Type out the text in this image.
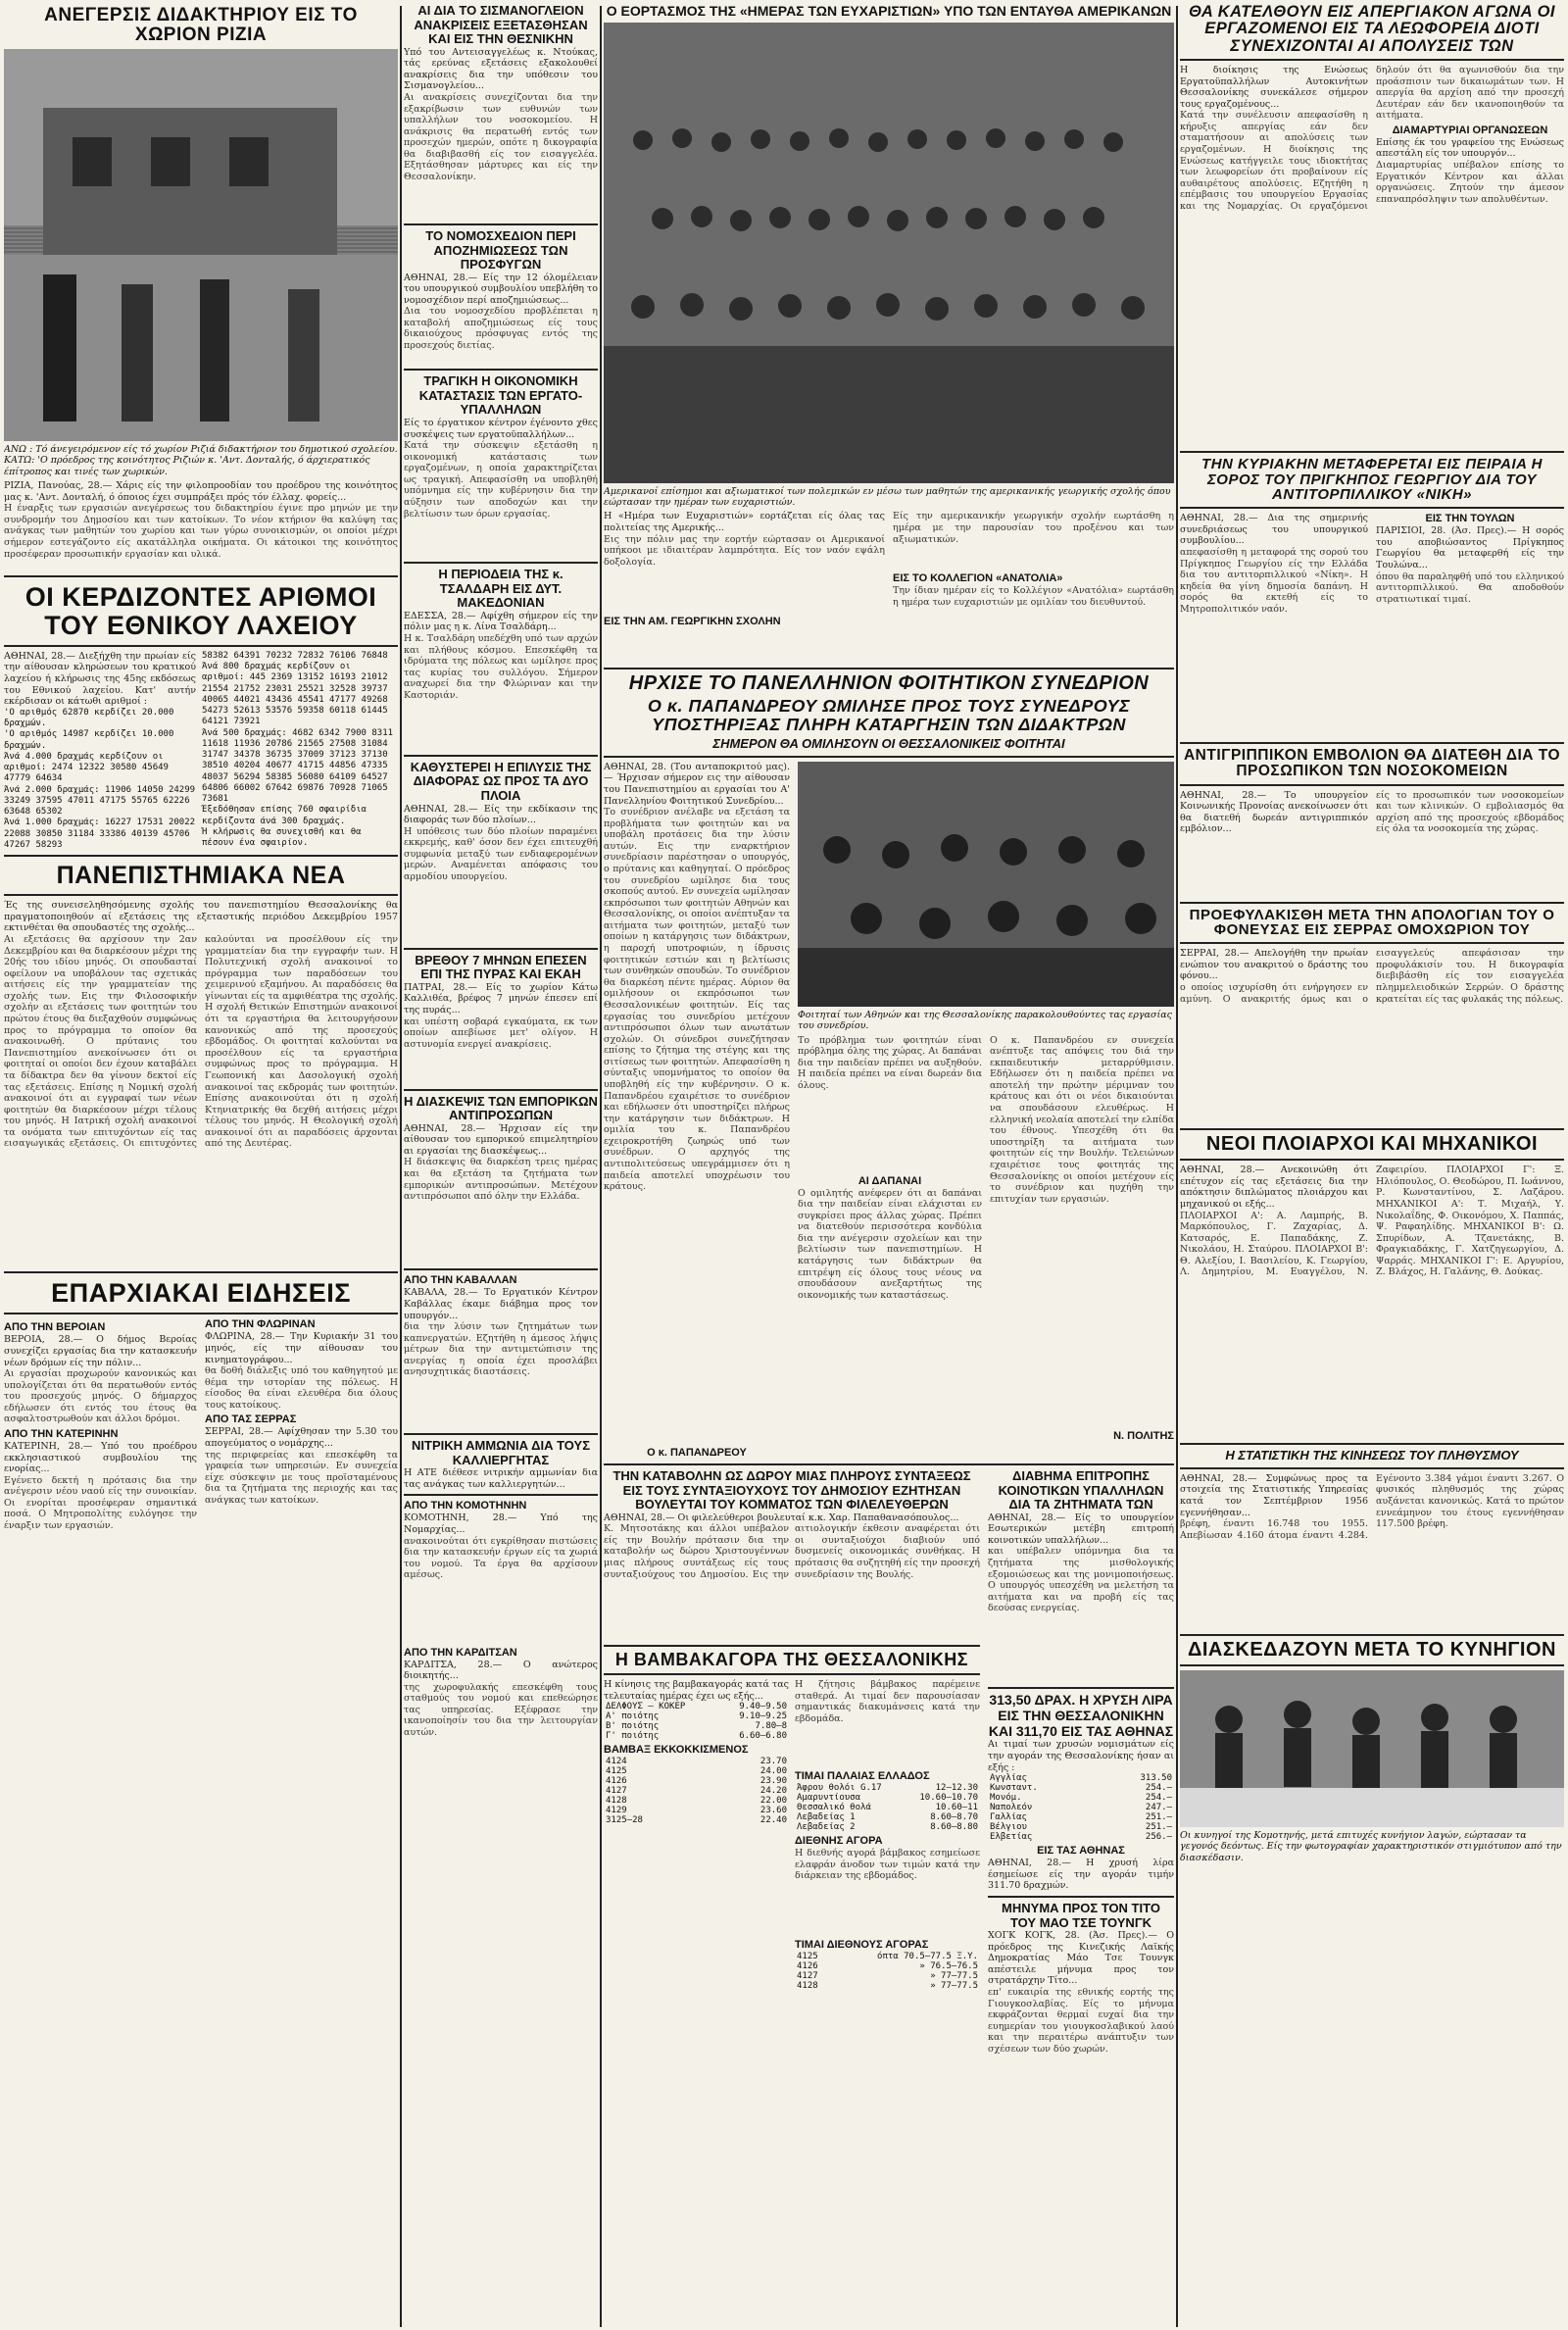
ΑΝΕΓΕΡΣΙΣ ΔΙΔΑΚΤΗΡΙΟΥ ΕΙΣ ΤΟ ΧΩΡΙΟΝ ΡΙΖΙΑ
ΑΝΩ : Τό άνεγειρόμενον είς τό χωρίον Ριζιά διδακτήριον του δημοτικού σχολείου. ΚΑΤΩ: 'Ο πρόεδρος της κοινότητος Ριζιών κ. 'Αντ. Δονταλής, ό άρχιερατικός έπίτροπος και τινές των χωρικών.
ΡΙΖΙΑ, Πανούας, 28.— Χάρις είς την φιλοπροοδίαν του προέδρου της κοινότητος μας κ. 'Αντ. Δονταλή, ό όποιος έχει συμπράξει πρός τόν έλλαχ. φορείς...
Η έναρξις των εργασιών ανεγέρσεως του διδακτηρίου έγινε προ μηνών με την συνδρομήν του Δημοσίου και των κατοίκων. Το νέον κτήριον θα καλύψη τας ανάγκας των μαθητών του χωρίου και των γύρω συνοικισμών, οι οποίοι μέχρι σήμερον εστεγάζοντο είς ακατάλληλα οικήματα. Οι κάτοικοι της κοινότητος προσέφεραν προσωπικήν εργασίαν και υλικά.
ΟΙ ΚΕΡΔΙΖΟΝΤΕΣ ΑΡΙΘΜΟΙ ΤΟΥ ΕΘΝΙΚΟΥ ΛΑΧΕΙΟΥ
ΑΘΗΝΑΙ, 28.— Διεξήχθη την πρωίαν είς την αίθουσαν κληρώσεων του κρατικού λαχείου ή κλήρωσις της 45ης εκδόσεως του Εθνικού λαχείου. Κατ' αυτήν εκέρδισαν οι κάτωθι αριθμοί :
'Ο αριθμός 62870 κερδίζει 20.000 δραχμών.
'Ο αριθμός 14987 κερδίζει 10.000 δραχμών.
Άνά 4.000 δραχμάς κερδίζουν οι αριθμοί: 2474 12322 30580 45649 47779 64634
Άνά 2.000 δραχμάς: 11906 14050 24299 33249 37595 47011 47175 55765 62226 63648 65302
Άνά 1.000 δραχμάς: 16227 17531 20022 22088 30850 31184 33386 40139 45706 47267 58293
58382 64391 70232 72832 76106 76848
Άνά 800 δραχμάς κερδίζουν οι αριθμοί: 445 2369 13152 16193 21012 21554 21752 23031 25521 32528 39737 40065 44021 43436 45541 47177 49268 54273 52613 53576 59358 60118 61445 64121 73921
Άνά 500 δραχμάς: 4682 6342 7900 8311 11618 11936 20786 21565 27508 31084 31747 34378 36735 37009 37123 37130 38510 40204 40677 41715 44856 47335 48037 56294 58385 56080 64109 64527 64806 66002 67642 69876 70928 71065 73681
Έξεδόθησαν επίσης 760 σφαιρίδια κερδίζοντα άνά 300 δραχμάς.
Ή κλήρωσις θα συνεχισθή και θα πέσουν ένα σφαιρίον.
ΠΑΝΕΠΙΣΤΗΜΙΑΚΑ ΝΕΑ
Ές της συνεισεληθησόμενης σχολής του πανεπιστημίου Θεσσαλονίκης θα πραγματοποιηθούν αί εξετάσεις της εξεταστικής περιόδου Δεκεμβρίου 1957 εκτινθέται θα σπουδαστές της σχολής...
Αι εξετάσεις θα αρχίσουν την 2αν Δεκεμβρίου και θα διαρκέσουν μέχρι της 20ής του ιδίου μηνός. Οι σπουδασταί οφείλουν να υποβάλουν τας σχετικάς αιτήσεις είς την γραμματείαν της σχολής των. Εις την Φιλοσοφικήν σχολήν αι εξετάσεις των φοιτητών του πρώτου έτους θα διεξαχθούν συμφώνως προς το πρόγραμμα το οποίον θα ανακοινωθή. Ο πρύτανις του Πανεπιστημίου ανεκοίνωσεν ότι οι φοιτηταί οι οποίοι δεν έχουν καταβάλει τα δίδακτρα δεν θα γίνουν δεκτοί είς τας εξετάσεις. Επίσης η Νομική σχολή ανακοινοί ότι αι εγγραφαί των νέων φοιτητών θα διαρκέσουν μέχρι τέλους του μηνός. Η Ιατρική σχολή ανακοινοί τα ονόματα των επιτυχόντων είς τας εισαγωγικάς εξετάσεις. Οι επιτυχόντες καλούνται να προσέλθουν είς την γραμματείαν δια την εγγραφήν των. Η Πολυτεχνική σχολή ανακοινοί το πρόγραμμα των παραδόσεων του χειμερινού εξαμήνου. Αι παραδόσεις θα γίνωνται είς τα αμφιθέατρα της σχολής. Η σχολή Θετικών Επιστημών ανακοινοί ότι τα εργαστήρια θα λειτουργήσουν κανονικώς από της προσεχούς εβδομάδος. Οι φοιτηταί καλούνται να προσέλθουν είς τα εργαστήρια συμφώνως προς το πρόγραμμα. Η Γεωπονική και Δασολογική σχολή ανακοινοί τας εκδρομάς των φοιτητών. Επίσης ανακοινούται ότι η σχολή Κτηνιατρικής θα δεχθή αιτήσεις μέχρι τέλους του μηνός. Η Θεολογική σχολή ανακοινοί ότι αι παραδόσεις άρχονται από της Δευτέρας.
ΕΠΑΡΧΙΑΚΑΙ ΕΙΔΗΣΕΙΣ
ΑΠΟ ΤΗΝ ΒΕΡΟΙΑΝ
ΒΕΡΟΙΑ, 28.— Ο δήμος Βεροίας συνεχίζει εργασίας δια την κατασκευήν νέων δρόμων είς την πόλιν...
Αι εργασίαι προχωρούν κανονικώς και υπολογίζεται ότι θα περατωθούν εντός του προσεχούς μηνός. Ο δήμαρχος εδήλωσεν ότι εντός του έτους θα ασφαλτοστρωθούν και άλλοι δρόμοι.
ΑΠΟ ΤΗΝ ΚΑΤΕΡΙΝΗΝ
ΚΑΤΕΡΙΝΗ, 28.— Υπό του προέδρου εκκλησιαστικού συμβουλίου της ενορίας...
Εγένετο δεκτή η πρότασις δια την ανέγερσιν νέου ναού είς την συνοικίαν. Οι ενορίται προσέφεραν σημαντικά ποσά. Ο Μητροπολίτης ευλόγησε την έναρξιν των εργασιών.
ΑΠΟ ΤΗΝ ΦΛΩΡΙΝΑΝ
ΦΛΩΡΙΝΑ, 28.— Την Κυριακήν 31 του μηνός, είς την αίθουσαν του κινηματογράφου...
θα δοθή διάλεξις υπό του καθηγητού με θέμα την ιστορίαν της πόλεως. Η είσοδος θα είναι ελευθέρα δια όλους τους κατοίκους.
ΑΠΟ ΤΑΣ ΣΕΡΡΑΣ
ΣΕΡΡΑΙ, 28.— Αφίχθησαν την 5.30 του απογεύματος ο νομάρχης...
της περιφερείας και επεσκέφθη τα γραφεία των υπηρεσιών. Εν συνεχεία είχε σύσκεψιν με τους προϊσταμένους δια τα ζητήματα της περιοχής και τας ανάγκας των κατοίκων.
ΑΙ ΔΙΑ ΤΟ ΣΙΣΜΑΝΟΓΛΕΙΟΝ ΑΝΑΚΡΙΣΕΙΣ ΕΞΕΤΑΣΘΗΣΑΝ ΚΑΙ ΕΙΣ ΤΗΝ ΘΕΣΝΙΚΗΝ
Υπό του Αντεισαγγελέως κ. Ντούκας, τάς ερεύνας εξετάσεις εξακολουθεί ανακρίσεις δια την υπόθεσιν του Σισμανογλείου...
Αι ανακρίσεις συνεχίζονται δια την εξακρίβωσιν των ευθυνών των υπαλλήλων του νοσοκομείου. Η ανάκρισις θα περατωθή εντός των προσεχών ημερών, οπότε η δικογραφία θα διαβιβασθή είς τον εισαγγελέα. Εξητάσθησαν μάρτυρες και είς την Θεσσαλονίκην.
ΤΟ ΝΟΜΟΣΧΕΔΙΟΝ ΠΕΡΙ ΑΠΟΖΗΜΙΩΣΕΩΣ ΤΩΝ ΠΡΟΣΦΥΓΩΝ
ΑΘΗΝΑΙ, 28.— Είς την 12 όλομέλειαν του υπουργικού συμβουλίου υπεβλήθη το νομοσχέδιον περί αποζημιώσεως...
Δια του νομοσχεδίου προβλέπεται η καταβολή αποζημιώσεως είς τους δικαιούχους πρόσφυγας εντός της προσεχούς διετίας.
ΤΡΑΓΙΚΗ Η ΟΙΚΟΝΟΜΙΚΗ ΚΑΤΑΣΤΑΣΙΣ ΤΩΝ ΕΡΓΑΤΟ-ΥΠΑΛΛΗΛΩΝ
Είς το έργατικον κέντρον έγένοντο χθες συσκέψεις των εργατοϋπαλλήλων...
Κατά την σύσκεψιν εξετάσθη η οικονομική κατάστασις των εργαζομένων, η οποία χαρακτηρίζεται ως τραγική. Απεφασίσθη να υποβληθή υπόμνημα είς την κυβέρνησιν δια την αύξησιν των αποδοχών και την βελτίωσιν των όρων εργασίας.
Η ΠΕΡΙΟΔΕΙΑ ΤΗΣ κ. ΤΣΑΛΔΑΡΗ ΕΙΣ ΔΥΤ. ΜΑΚΕΔΟΝΙΑΝ
ΕΔΕΣΣΑ, 28.— Αφίχθη σήμερον είς την πόλιν μας η κ. Λίνα Τσαλδάρη...
Η κ. Τσαλδάρη υπεδέχθη υπό των αρχών και πλήθους κόσμου. Επεσκέφθη τα ιδρύματα της πόλεως και ωμίλησε προς τας κυρίας του συλλόγου. Σήμερον αναχωρεί δια την Φλώριναν και την Καστοριάν.
ΚΑΘΥΣΤΕΡΕΙ Η ΕΠΙΛΥΣΙΣ ΤΗΣ ΔΙΑΦΟΡΑΣ ΩΣ ΠΡΟΣ ΤΑ ΔΥΟ ΠΛΟΙΑ
ΑΘΗΝΑΙ, 28.— Είς την εκδίκασιν της διαφοράς των δύο πλοίων...
Η υπόθεσις των δύο πλοίων παραμένει εκκρεμής, καθ' όσον δεν έχει επιτευχθή συμφωνία μεταξύ των ενδιαφερομένων μερών. Αναμένεται απόφασις του αρμοδίου υπουργείου.
ΒΡΕΘΟΥ 7 ΜΗΝΩΝ ΕΠΕΣΕΝ ΕΠΙ ΤΗΣ ΠΥΡΑΣ ΚΑΙ ΕΚΑΗ
ΠΑΤΡΑΙ, 28.— Είς το χωρίον Κάτω Καλλιθέα, βρέφος 7 μηνών έπεσεν επί της πυράς...
και υπέστη σοβαρά εγκαύματα, εκ των οποίων απεβίωσε μετ' ολίγον. Η αστυνομία ενεργεί ανακρίσεις.
Η ΔΙΑΣΚΕΨΙΣ ΤΩΝ ΕΜΠΟΡΙΚΩΝ ΑΝΤΙΠΡΟΣΩΠΩΝ
ΑΘΗΝΑΙ, 28.— Ήρχισαν είς την αίθουσαν του εμπορικού επιμελητηρίου αι εργασίαι της διασκέψεως...
Η διάσκεψις θα διαρκέση τρεις ημέρας και θα εξετάση τα ζητήματα των εμπορικών αντιπροσώπων. Μετέχουν αντιπρόσωποι από όλην την Ελλάδα.
ΑΠΟ ΤΗΝ ΚΑΒΑΛΛΑΝ
ΚΑΒΑΛΑ, 28.— Το Εργατικόν Κέντρον Καβάλλας έκαμε διάβημα προς τον υπουργόν...
δια την λύσιν των ζητημάτων των καπνεργατών. Εζητήθη η άμεσος λήψις μέτρων δια την αντιμετώπισιν της ανεργίας η οποία έχει προσλάβει ανησυχητικάς διαστάσεις.
ΝΙΤΡΙΚΗ ΑΜΜΩΝΙΑ ΔΙΑ ΤΟΥΣ ΚΑΛΛΙΕΡΓΗΤΑΣ
Η ΑΤΕ διέθεσε νιτρικήν αμμωνίαν δια τας ανάγκας των καλλιεργητών...
ΑΠΟ ΤΗΝ ΚΟΜΟΤΗΝΗΝ
ΚΟΜΟΤΗΝΗ, 28.— Υπό της Νομαρχίας...
ανακοινούται ότι εγκρίθησαν πιστώσεις δια την κατασκευήν έργων είς τα χωριά του νομού. Τα έργα θα αρχίσουν αμέσως.
ΑΠΟ ΤΗΝ ΚΑΡΔΙΤΣΑΝ
ΚΑΡΔΙΤΣΑ, 28.— Ο ανώτερος διοικητής...
της χωροφυλακής επεσκέφθη τους σταθμούς του νομού και επεθεώρησε τας υπηρεσίας. Εξέφρασε την ικανοποίησίν του δια την λειτουργίαν αυτών.
Ο ΕΟΡΤΑΣΜΟΣ ΤΗΣ «ΗΜΕΡΑΣ ΤΩΝ ΕΥΧΑΡΙΣΤΙΩΝ» ΥΠΟ ΤΩΝ ΕΝΤΑΥΘΑ ΑΜΕΡΙΚΑΝΩΝ
Αμερικανοί επίσημοι και αξιωματικοί των πολεμικών εν μέσω των μαθητών της αμερικανικής γεωργικής σχολής όπου εώρτασαν την ημέραν των ευχαριστιών.
Η «Ημέρα των Ευχαριστιών» εορτάζεται είς όλας τας πολιτείας της Αμερικής...
Εις την πόλιν μας την εορτήν εώρτασαν οι Αμερικανοί υπήκοοι με ιδιαιτέραν λαμπρότητα. Είς τον ναόν εψάλη δοξολογία.
ΕΙΣ ΤΗΝ ΑΜ. ΓΕΩΡΓΙΚΗΝ ΣΧΟΛΗΝ
Είς την αμερικανικήν γεωργικήν σχολήν εωρτάσθη η ημέρα με την παρουσίαν του προξένου και των αξιωματικών.
ΕΙΣ ΤΟ ΚΟΛΛΕΓΙΟΝ «ΑΝΑΤΟΛΙΑ»
Την ίδιαν ημέραν είς το Κολλέγιον «Ανατόλια» εωρτάσθη η ημέρα των ευχαριστιών με ομιλίαν του διευθυντού.
ΗΡΧΙΣΕ ΤΟ ΠΑΝΕΛΛΗΝΙΟΝ ΦΟΙΤΗΤΙΚΟΝ ΣΥΝΕΔΡΙΟΝ
Ο κ. ΠΑΠΑΝΔΡΕΟΥ ΩΜΙΛΗΣΕ ΠΡΟΣ ΤΟΥΣ ΣΥΝΕΔΡΟΥΣ ΥΠΟΣΤΗΡΙΞΑΣ ΠΛΗΡΗ ΚΑΤΑΡΓΗΣΙΝ ΤΩΝ ΔΙΔΑΚΤΡΩΝ
ΣΗΜΕΡΟΝ ΘΑ ΟΜΙΛΗΣΟΥΝ ΟΙ ΘΕΣΣΑΛΟΝΙΚΕΙΣ ΦΟΙΤΗΤΑΙ
ΑΘΗΝΑΙ, 28. (Του ανταποκριτού μας).— Ήρχισαν σήμερον εις την αίθουσαν του Πανεπιστημίου αι εργασίαι του Α' Πανελληνίου Φοιτητικού Συνεδρίου...
Το συνέδριον ανέλαβε να εξετάση τα προβλήματα των φοιτητών και να υποβάλη προτάσεις δια την λύσιν αυτών. Εις την εναρκτήριον συνεδρίασιν παρέστησαν ο υπουργός, ο πρύτανις και καθηγηταί. Ο πρόεδρος του συνεδρίου ωμίλησε δια τους σκοπούς αυτού. Εν συνεχεία ωμίλησαν εκπρόσωποι των φοιτητών Αθηνών και Θεσσαλονίκης, οι οποίοι ανέπτυξαν τα αιτήματα των φοιτητών, μεταξύ των οποίων η κατάργησις των διδάκτρων, η παροχή υποτροφιών, η ίδρυσις φοιτητικών εστιών και η βελτίωσις των συνθηκών σπουδών. Το συνέδριον θα διαρκέση πέντε ημέρας. Αύριον θα ομιλήσουν οι εκπρόσωποι των Θεσσαλονικέων φοιτητών. Είς τας εργασίας του συνεδρίου μετέχουν αντιπρόσωποι όλων των ανωτάτων σχολών. Οι σύνεδροι συνεζήτησαν επίσης το ζήτημα της στέγης και της σιτίσεως των φοιτητών. Απεφασίσθη η σύνταξις υπομνήματος το οποίον θα υποβληθή είς την κυβέρνησιν. Ο κ. Παπανδρέου εχαιρέτισε το συνέδριον και εδήλωσεν ότι υποστηρίζει πλήρως την κατάργησιν των διδάκτρων. Η ομιλία του κ. Παπανδρέου εχειροκροτήθη ζωηρώς υπό των συνέδρων. Ο αρχηγός της αντιπολιτεύσεως υπεγράμμισεν ότι η παιδεία αποτελεί υποχρέωσιν του κράτους.
Ο κ. ΠΑΠΑΝΔΡΕΟΥ
Φοιτηταί των Αθηνών και της Θεσσαλονίκης παρακολουθούντες τας εργασίας του συνεδρίου.
Το πρόβλημα των φοιτητών είναι πρόβλημα όλης της χώρας. Αι δαπάναι δια την παιδείαν πρέπει να αυξηθούν. Η παιδεία πρέπει να είναι δωρεάν δια όλους.
ΑΙ ΔΑΠΑΝΑΙ
Ο ομιλητής ανέφερεν ότι αι δαπάναι δια την παιδείαν είναι ελάχισται εν συγκρίσει προς άλλας χώρας. Πρέπει να διατεθούν περισσότερα κονδύλια δια την ανέγερσιν σχολείων και την βελτίωσιν των πανεπιστημίων. Η κατάργησις των διδάκτρων θα επιτρέψη είς όλους τους νέους να σπουδάσουν ανεξαρτήτως της οικονομικής των καταστάσεως.
Ο κ. Παπανδρέου εν συνεχεία ανέπτυξε τας απόψεις του διά την εκπαιδευτικήν μεταρρύθμισιν. Εδήλωσεν ότι η παιδεία πρέπει να αποτελή την πρώτην μέριμναν του κράτους και ότι οι νέοι δικαιούνται να σπουδάσουν ελευθέρως. Η ελληνική νεολαία αποτελεί την ελπίδα του έθνους. Υπεσχέθη ότι θα υποστηρίξη τα αιτήματα των φοιτητών είς την Βουλήν. Τελειώνων εχαιρέτισε τους φοιτητάς της Θεσσαλονίκης οι οποίοι μετέχουν είς το συνέδριον και ηυχήθη την επιτυχίαν των εργασιών.
Ν. ΠΟΛΙΤΗΣ
ΤΗΝ ΚΑΤΑΒΟΛΗΝ ΩΣ ΔΩΡΟΥ ΜΙΑΣ ΠΛΗΡΟΥΣ ΣΥΝΤΑΞΕΩΣ ΕΙΣ ΤΟΥΣ ΣΥΝΤΑΞΙΟΥΧΟΥΣ ΤΟΥ ΔΗΜΟΣΙΟΥ ΕΖΗΤΗΣΑΝ ΒΟΥΛΕΥΤΑΙ ΤΟΥ ΚΟΜΜΑΤΟΣ ΤΩΝ ΦΙΛΕΛΕΥΘΕΡΩΝ
ΑΘΗΝΑΙ, 28.— Οι φιλελεύθεροι βουλευταί κ.κ. Χαρ. Παπαθανασόπουλος...
Κ. Μητσοτάκης και άλλοι υπέβαλον είς την Βουλήν πρότασιν δια την καταβολήν ως δώρου Χριστουγέννων μιας πλήρους συντάξεως είς τους συνταξιούχους του Δημοσίου. Εις την αιτιολογικήν έκθεσιν αναφέρεται ότι οι συνταξιούχοι διαβιούν υπό δυσμενείς οικονομικάς συνθήκας. Η πρότασις θα συζητηθή είς την προσεχή συνεδρίασιν της Βουλής.
Η ΒΑΜΒΑΚΑΓΟΡΑ ΤΗΣ ΘΕΣΣΑΛΟΝΙΚΗΣ
Η κίνησις της βαμβακαγοράς κατά τας τελευταίας ημέρας έχει ως εξής...
ΔΕΛΦΟΥΣ — ΚΟΚΕΡ	9.40—9.50
Α' ποιότης	9.10—9.25
Β' ποιότης	7.80—8
Γ' ποιότης	6.60—6.80
ΒΑΜΒΑΞ ΕΚΚΟΚΚΙΣΜΕΝΟΣ
4124	23.70
4125	24.00
4126	23.90
4127	24.20
4128	22.00
4129	23.60
3125—28	22.40
Η ζήτησις βάμβακος παρέμεινε σταθερά. Αι τιμαί δεν παρουσίασαν σημαντικάς διακυμάνσεις κατά την εβδομάδα.
ΤΙΜΑΙ ΠΑΛΑΙΑΣ ΕΛΛΑΔΟΣ
Άφρου θολόι G.17	12—12.30
Αμαρυντίουσα	10.60—10.70
Θεσσαλικό θολά	10.60—11
Λεβαδείας 1	8.60—8.70
Λεβαδείας 2	8.60—8.80
ΔΙΕΘΝΗΣ ΑΓΟΡΑ
Η διεθνής αγορά βάμβακος εσημείωσε ελαφράν άνοδον των τιμών κατά την διάρκειαν της εβδομάδος.
ΤΙΜΑΙ ΔΙΕΘΝΟΥΣ ΑΓΟΡΑΣ
4125	όπτα 70.5—77.5 Ξ.Υ.
4126	» 76.5—76.5
4127	» 77—77.5
4128	» 77—77.5
ΔΙΑΒΗΜΑ ΕΠΙΤΡΟΠΗΣ ΚΟΙΝΟΤΙΚΩΝ ΥΠΑΛΛΗΛΩΝ ΔΙΑ ΤΑ ΖΗΤΗΜΑΤΑ ΤΩΝ
ΑΘΗΝΑΙ, 28.— Είς το υπουργείον Εσωτερικών μετέβη επιτροπή κοινοτικών υπαλλήλων...
και υπέβαλεν υπόμνημα δια τα ζητήματα της μισθολογικής εξομοιώσεως και της μονιμοποιήσεως. Ο υπουργός υπεσχέθη να μελετήση τα αιτήματα και να προβή είς τας δεούσας ενεργείας.
313,50 ΔΡΑΧ. Η ΧΡΥΣΗ ΛΙΡΑ ΕΙΣ ΤΗΝ ΘΕΣΣΑΛΟΝΙΚΗΝ ΚΑΙ 311,70 ΕΙΣ ΤΑΣ ΑΘΗΝΑΣ
Αι τιμαί των χρυσών νομισμάτων είς την αγοράν της Θεσσαλονίκης ήσαν αι εξής :
Αγγλίας	313.50
Κωνσταντ.	254.—
Μονόμ.	254.—
Ναπολεόν	247.—
Γαλλίας	251.—
Βέλγιου	251.—
Ελβετίας	256.—
ΕΙΣ ΤΑΣ ΑΘΗΝΑΣ
ΑΘΗΝΑΙ, 28.— Η χρυσή λίρα έσημείωσε είς την αγοράν τιμήν 311.70 δραχμών.
ΜΗΝΥΜΑ ΠΡΟΣ ΤΟΝ ΤΙΤΟ ΤΟΥ ΜΑΟ ΤΣΕ ΤΟΥΝΓΚ
ΧΟΓΚ ΚΟΓΚ, 28. (Άσ. Πρες).— Ο πρόεδρος της Κινεζικής Λαϊκής Δημοκρατίας Μάο Τσε Τουνγκ απέστειλε μήνυμα προς τον στρατάρχην Τίτο...
επ' ευκαιρία της εθνικής εορτής της Γιουγκοσλαβίας. Είς το μήνυμα εκφράζονται θερμαί ευχαί δια την ευημερίαν του γιουγκοσλαβικού λαού και την περαιτέρω ανάπτυξιν των σχέσεων των δύο χωρών.
ΘΑ ΚΑΤΕΛΘΟΥΝ ΕΙΣ ΑΠΕΡΓΙΑΚΟΝ ΑΓΩΝΑ ΟΙ ΕΡΓΑΖΟΜΕΝΟΙ ΕΙΣ ΤΑ ΛΕΩΦΟΡΕΙΑ ΔΙΟΤΙ ΣΥΝΕΧΙΖΟΝΤΑΙ ΑΙ ΑΠΟΛΥΣΕΙΣ ΤΩΝ
Η διοίκησις της Ενώσεως Εργατοϋπαλλήλων Αυτοκινήτων Θεσσαλονίκης συνεκάλεσε σήμερον τους εργαζομένους...
Κατά την συνέλευσιν απεφασίσθη η κήρυξις απεργίας εάν δεν σταματήσουν αι απολύσεις των εργαζομένων. Η διοίκησις της Ενώσεως κατήγγειλε τους ιδιοκτήτας των λεωφορείων ότι προβαίνουν είς αυθαιρέτους απολύσεις. Εζητήθη η επέμβασις του υπουργείου Εργασίας και της Νομαρχίας. Οι εργαζόμενοι δηλούν ότι θα αγωνισθούν δια την προάσπισιν των δικαιωμάτων των. Η απεργία θα αρχίση από την προσεχή Δευτέραν εάν δεν ικανοποιηθούν τα αιτήματα.
ΔΙΑΜΑΡΤΥΡΙΑΙ ΟΡΓΑΝΩΣΕΩΝ
Επίσης έκ του γραφείου της Ενώσεως απεστάλη είς τον υπουργόν...
Διαμαρτυρίας υπέβαλον επίσης το Εργατικόν Κέντρον και άλλαι οργανώσεις. Ζητούν την άμεσον επαναπρόσληψιν των απολυθέντων.
ΤΗΝ ΚΥΡΙΑΚΗΝ ΜΕΤΑΦΕΡΕΤΑΙ ΕΙΣ ΠΕΙΡΑΙΑ Η ΣΟΡΟΣ ΤΟΥ ΠΡΙΓΚΗΠΟΣ ΓΕΩΡΓΙΟΥ ΔΙΑ ΤΟΥ ΑΝΤΙΤΟΡΠΙΛΛΙΚΟΥ «ΝΙΚΗ»
ΑΘΗΝΑΙ, 28.— Δια της σημερινής συνεδριάσεως του υπουργικού συμβουλίου...
απεφασίσθη η μεταφορά της σορού του Πρίγκηπος Γεωργίου είς την Ελλάδα δια του αντιτορπιλλικού «Νίκη». Η κηδεία θα γίνη δημοσία δαπάνη. Η σορός θα εκτεθή είς το Μητροπολιτικόν ναόν.
ΕΙΣ ΤΗΝ ΤΟΥΛΩΝ
ΠΑΡΙΣΙΟΙ, 28. (Άσ. Πρες).— Η σορός του αποβιώσαντος Πρίγκηπος Γεωργίου θα μεταφερθή είς την Τουλώνα...
όπου θα παραληφθή υπό του ελληνικού αντιτορπιλλικού. Θα αποδοθούν στρατιωτικαί τιμαί.
ΑΝΤΙΓΡΙΠΠΙΚΟΝ ΕΜΒΟΛΙΟΝ ΘΑ ΔΙΑΤΕΘΗ ΔΙΑ ΤΟ ΠΡΟΣΩΠΙΚΟΝ ΤΩΝ ΝΟΣΟΚΟΜΕΙΩΝ
ΑΘΗΝΑΙ, 28.— Το υπουργείον Κοινωνικής Προνοίας ανεκοίνωσεν ότι θα διατεθή δωρεάν αντιγριππικόν εμβόλιον...
είς το προσωπικόν των νοσοκομείων και των κλινικών. Ο εμβολιασμός θα αρχίση από της προσεχούς εβδομάδος είς όλα τα νοσοκομεία της χώρας.
ΠΡΟΕΦΥΛΑΚΙΣΘΗ ΜΕΤΑ ΤΗΝ ΑΠΟΛΟΓΙΑΝ ΤΟΥ Ο ΦΟΝΕΥΣΑΣ ΕΙΣ ΣΕΡΡΑΣ ΟΜΟΧΩΡΙΟΝ ΤΟΥ
ΣΕΡΡΑΙ, 28.— Απελογήθη την πρωίαν ενώπιον του ανακριτού ο δράστης του φόνου...
ο οποίος ισχυρίσθη ότι ενήργησεν εν αμύνη. Ο ανακριτής όμως και ο εισαγγελεύς απεφάσισαν την προφυλάκισίν του. Η δικογραφία διεβιβάσθη είς τον εισαγγελέα πλημμελειοδικών Σερρών. Ο δράστης κρατείται είς τας φυλακάς της πόλεως.
ΝΕΟΙ ΠΛΟΙΑΡΧΟΙ ΚΑΙ ΜΗΧΑΝΙΚΟΙ
ΑΘΗΝΑΙ, 28.— Ανεκοινώθη ότι επέτυχον είς τας εξετάσεις δια την απόκτησιν διπλώματος πλοιάρχου και μηχανικού οι εξής...
ΠΛΟΙΑΡΧΟΙ Α': Α. Λαμπρής, Β. Μαρκόπουλος, Γ. Ζαχαρίας, Δ. Κατσαρός, Ε. Παπαδάκης, Ζ. Νικολάου, Η. Σταύρου. ΠΛΟΙΑΡΧΟΙ Β': Θ. Αλεξίου, Ι. Βασιλείου, Κ. Γεωργίου, Λ. Δημητρίου, Μ. Ευαγγέλου, Ν. Ζαφειρίου. ΠΛΟΙΑΡΧΟΙ Γ': Ξ. Ηλιόπουλος, Ο. Θεοδώρου, Π. Ιωάννου, Ρ. Κωνσταντίνου, Σ. Λαζάρου. ΜΗΧΑΝΙΚΟΙ Α': Τ. Μιχαήλ, Υ. Νικολαΐδης, Φ. Οικονόμου, Χ. Παππάς, Ψ. Ραφαηλίδης. ΜΗΧΑΝΙΚΟΙ Β': Ω. Σπυρίδων, Α. Τζανετάκης, Β. Φραγκιαδάκης, Γ. Χατζηγεωργίου, Δ. Ψαρράς. ΜΗΧΑΝΙΚΟΙ Γ': Ε. Αργυρίου, Ζ. Βλάχος, Η. Γαλάνης, Θ. Δούκας.
Η ΣΤΑΤΙΣΤΙΚΗ ΤΗΣ ΚΙΝΗΣΕΩΣ ΤΟΥ ΠΛΗΘΥΣΜΟΥ
ΑΘΗΝΑΙ, 28.— Συμφώνως προς τα στοιχεία της Στατιστικής Υπηρεσίας κατά τον Σεπτέμβριον 1956 εγεννήθησαν...
βρέφη, έναντι 16.748 του 1955. Απεβίωσαν 4.160 άτομα έναντι 4.284. Εγένοντο 3.384 γάμοι έναντι 3.267. Ο φυσικός πληθυσμός της χώρας αυξάνεται κανονικώς. Κατά το πρώτον εννεάμηνον του έτους εγεννήθησαν 117.500 βρέφη.
ΔΙΑΣΚΕΔΑΖΟΥΝ ΜΕΤΑ ΤΟ ΚΥΝΗΓΙΟΝ
Οι κυνηγοί της Κομοτηνής, μετά επιτυχές κυνήγιον λαγών, εώρτασαν τα γεγονός δεόντως. Είς την φωτογραφίαν χαρακτηριστικόν στιγμιότυπον από την διασκέδασιν.
